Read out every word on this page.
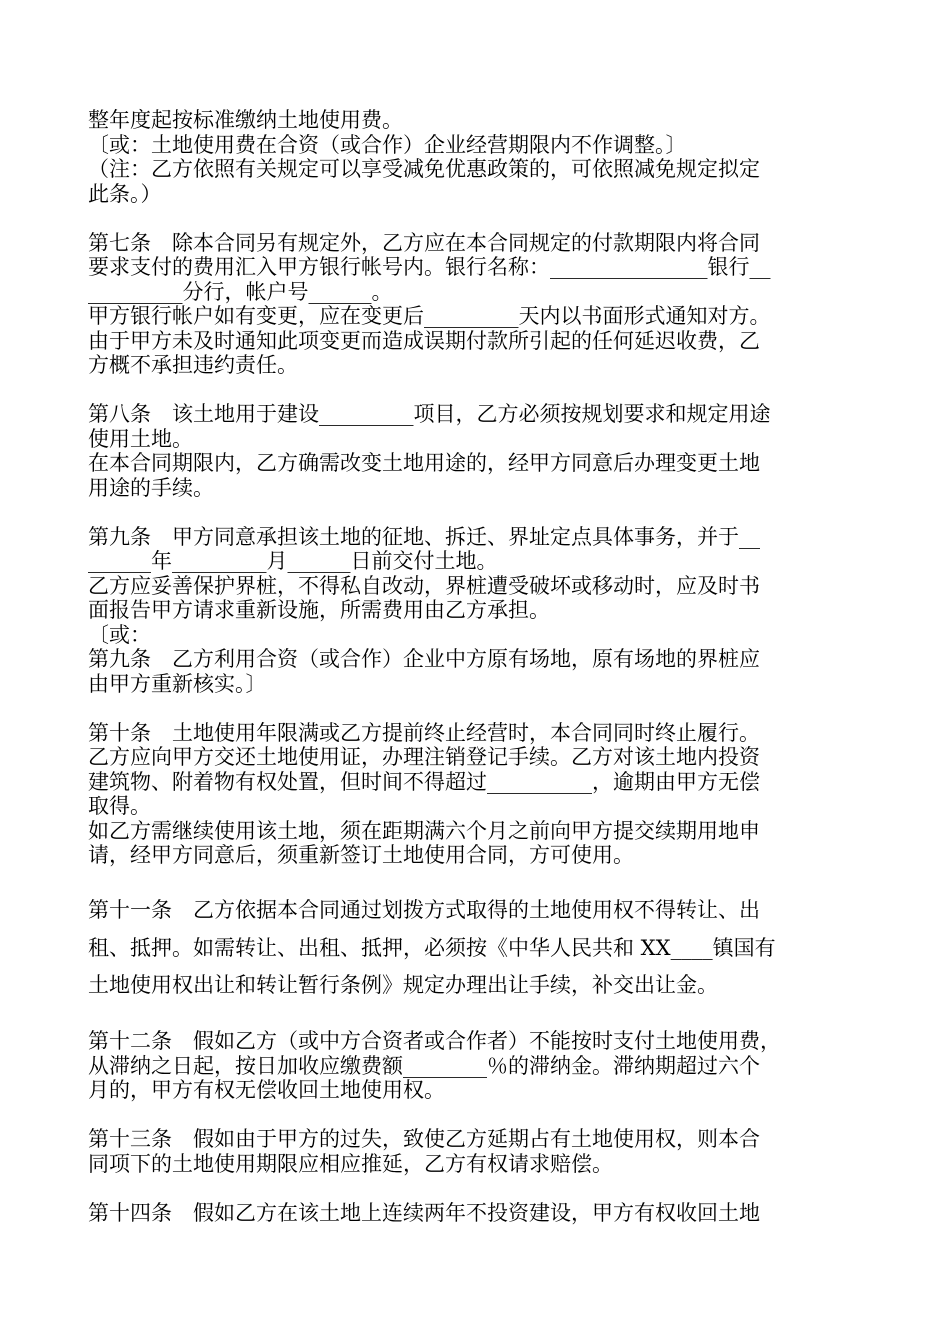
整年度起按标准缴纳土地使用费。

〔或：土地使用费在合资（或合作）企业经营期限内不作调整。〕

（注：乙方依照有关规定可以享受减免优惠政策的，可依照减免规定拟定

此条。）

第七条　除本合同另有规定外，乙方应在本合同规定的付款期限内将合同

要求支付的费用汇入甲方银行帐号内。银行名称：_______________银行__

_________分行，帐户号______。

甲方银行帐户如有变更，应在变更后_________天内以书面形式通知对方。

由于甲方未及时通知此项变更而造成误期付款所引起的任何延迟收费，乙

方概不承担违约责任。

第八条　该土地用于建设_________项目，乙方必须按规划要求和规定用途

使用土地。

在本合同期限内，乙方确需改变土地用途的，经甲方同意后办理变更土地

用途的手续。

第九条　甲方同意承担该土地的征地、拆迁、界址定点具体事务，并于__

______年_________月______日前交付土地。

乙方应妥善保护界桩，不得私自改动，界桩遭受破坏或移动时，应及时书

面报告甲方请求重新设施，所需费用由乙方承担。

〔或：

第九条　乙方利用合资（或合作）企业中方原有场地，原有场地的界桩应

由甲方重新核实。〕

第十条　土地使用年限满或乙方提前终止经营时，本合同同时终止履行。

乙方应向甲方交还土地使用证，办理注销登记手续。乙方对该土地内投资

建筑物、附着物有权处置，但时间不得超过__________，逾期由甲方无偿

取得。

如乙方需继续使用该土地，须在距期满六个月之前向甲方提交续期用地申

请，经甲方同意后，须重新签订土地使用合同，方可使用。

第十一条　乙方依据本合同通过划拨方式取得的土地使用权不得转让、出

租、抵押。如需转让、出租、抵押，必须按《中华人民共和 XX____镇国有

土地使用权出让和转让暂行条例》规定办理出让手续，补交出让金。

第十二条　假如乙方（或中方合资者或合作者）不能按时支付土地使用费，

从滞纳之日起，按日加收应缴费额________％的滞纳金。滞纳期超过六个

月的，甲方有权无偿收回土地使用权。

第十三条　假如由于甲方的过失，致使乙方延期占有土地使用权，则本合

同项下的土地使用期限应相应推延，乙方有权请求赔偿。

第十四条　假如乙方在该土地上连续两年不投资建设，甲方有权收回土地
